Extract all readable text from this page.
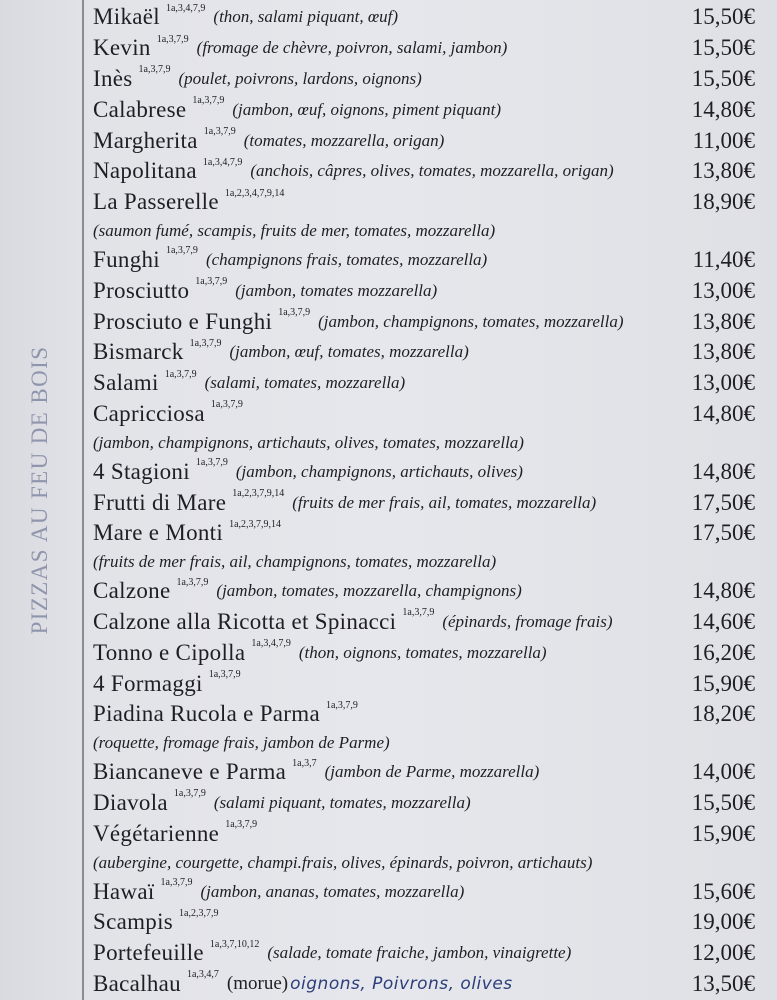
PIZZAS AU FEU DE BOIS
Mikaël 1a,3,4,7,9 (thon, salami piquant, œuf)	15,50€
Kevin 1a,3,7,9 (fromage de chèvre, poivron, salami, jambon)	15,50€
Inès 1a,3,7,9 (poulet, poivrons, lardons, oignons)	15,50€
Calabrese 1a,3,7,9 (jambon, œuf, oignons, piment piquant)	14,80€
Margherita 1a,3,7,9 (tomates, mozzarella, origan)	11,00€
Napolitana 1a,3,4,7,9 (anchois, câpres, olives, tomates, mozzarella, origan)	13,80€
La Passerelle 1a,2,3,4,7,9,14	18,90€
(saumon fumé, scampis, fruits de mer, tomates, mozzarella)
Funghi 1a,3,7,9 (champignons frais, tomates, mozzarella)	11,40€
Prosciutto 1a,3,7,9 (jambon, tomates mozzarella)	13,00€
Prosciuto e Funghi 1a,3,7,9 (jambon, champignons, tomates, mozzarella)	13,80€
Bismarck 1a,3,7,9 (jambon, œuf, tomates, mozzarella)	13,80€
Salami 1a,3,7,9 (salami, tomates, mozzarella)	13,00€
Capricciosa 1a,3,7,9	14,80€
(jambon, champignons, artichauts, olives, tomates, mozzarella)
4 Stagioni 1a,3,7,9 (jambon, champignons, artichauts, olives)	14,80€
Frutti di Mare 1a,2,3,7,9,14 (fruits de mer frais, ail, tomates, mozzarella)	17,50€
Mare e Monti 1a,2,3,7,9,14	17,50€
(fruits de mer frais, ail, champignons, tomates, mozzarella)
Calzone 1a,3,7,9 (jambon, tomates, mozzarella, champignons)	14,80€
Calzone alla Ricotta et Spinacci 1a,3,7,9 (épinards, fromage frais)	14,60€
Tonno e Cipolla 1a,3,4,7,9 (thon, oignons, tomates, mozzarella)	16,20€
4 Formaggi 1a,3,7,9	15,90€
Piadina Rucola e Parma 1a,3,7,9	18,20€
(roquette, fromage frais, jambon de Parme)
Biancaneve e Parma 1a,3,7 (jambon de Parme, mozzarella)	14,00€
Diavola 1a,3,7,9 (salami piquant, tomates, mozzarella)	15,50€
Végétarienne 1a,3,7,9	15,90€
(aubergine, courgette, champi.frais, olives, épinards, poivron, artichauts)
Hawaï 1a,3,7,9 (jambon, ananas, tomates, mozzarella)	15,60€
Scampis 1a,2,3,7,9	19,00€
Portefeuille 1a,3,7,10,12 (salade, tomate fraiche, jambon, vinaigrette)	12,00€
Bacalhau 1a,3,4,7 (morue) oignons, Poivrons, olives	13,50€
